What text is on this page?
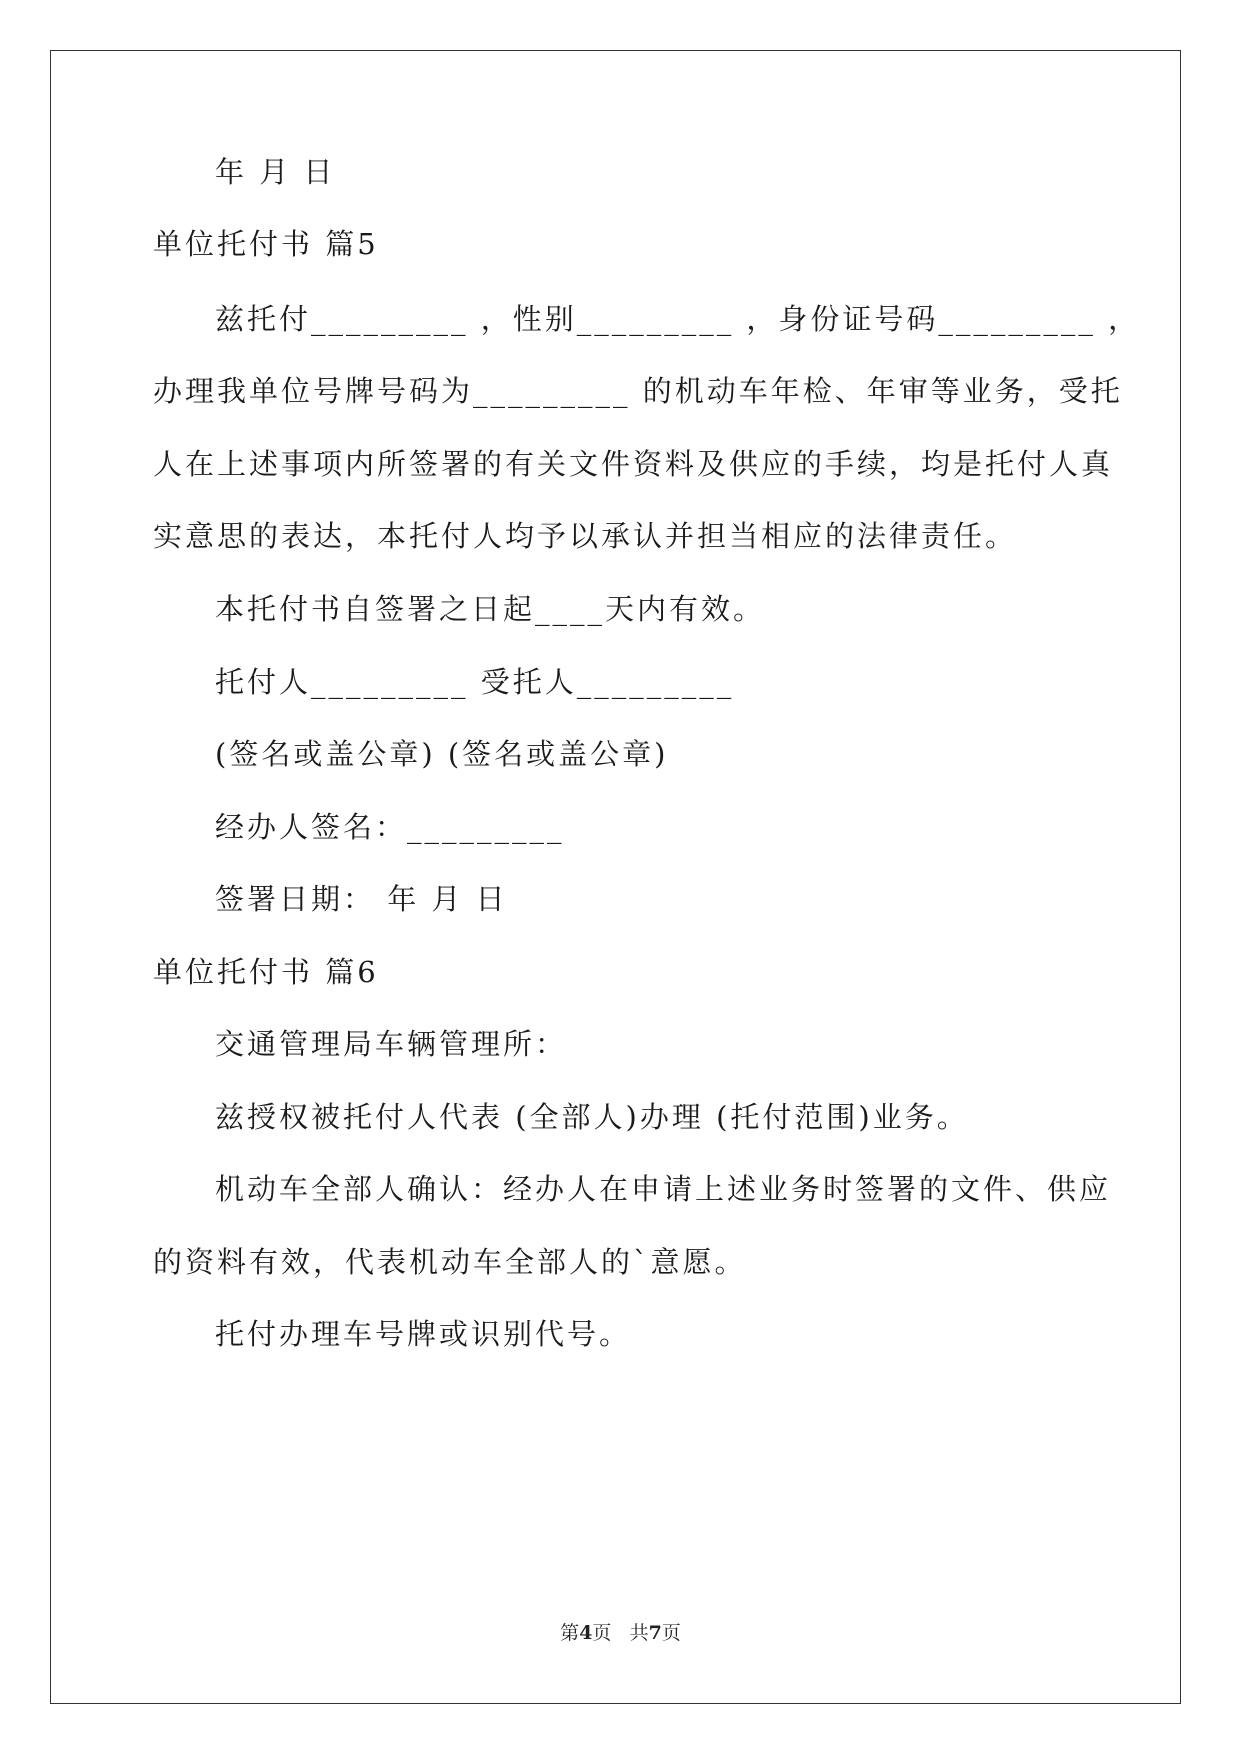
年 月 日
单位托付书 篇5
兹托付_________ ，性别_________ ，身份证号码_________ ，
办理我单位号牌号码为_________ 的机动车年检、年审等业务，受托
人在上述事项内所签署的有关文件资料及供应的手续，均是托付人真
实意思的表达，本托付人均予以承认并担当相应的法律责任。
本托付书自签署之日起____天内有效。
托付人_________ 受托人_________
(签名或盖公章) (签名或盖公章)
经办人签名：_________
签署日期： 年 月 日
单位托付书 篇6
交通管理局车辆管理所：
兹授权被托付人代表 (全部人)办理 (托付范围)业务。
机动车全部人确认：经办人在申请上述业务时签署的文件、供应
的资料有效，代表机动车全部人的`意愿。
托付办理车号牌或识别代号。
第4页 共7页
